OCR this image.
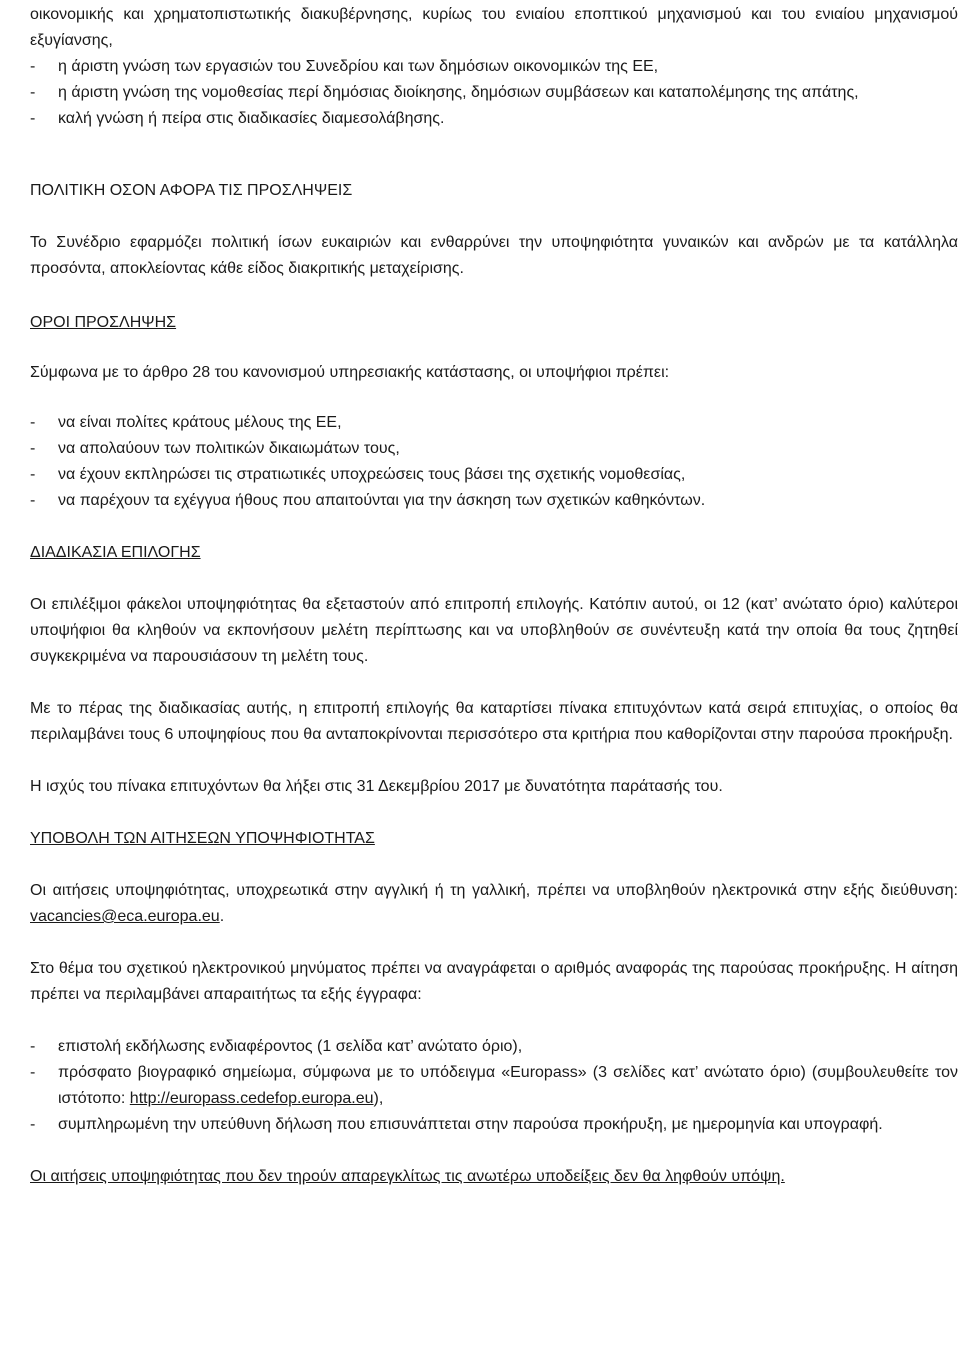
οικονομικής και χρηματοπιστωτικής διακυβέρνησης, κυρίως του ενιαίου εποπτικού μηχανισμού και του ενιαίου μηχανισμού εξυγίανσης,

- η άριστη γνώση των εργασιών του Συνεδρίου και των δημόσιων οικονομικών της ΕΕ,
- η άριστη γνώση της νομοθεσίας περί δημόσιας διοίκησης, δημόσιων συμβάσεων και καταπολέμησης της απάτης,
- καλή γνώση ή πείρα στις διαδικασίες διαμεσολάβησης.
ΠΟΛΙΤΙΚΗ ΟΣΟΝ ΑΦΟΡΑ ΤΙΣ ΠΡΟΣΛΗΨΕΙΣ

Το Συνέδριο εφαρμόζει πολιτική ίσων ευκαιριών και ενθαρρύνει την υποψηφιότητα γυναικών και ανδρών με τα κατάλληλα προσόντα, αποκλείοντας κάθε είδος διακριτικής μεταχείρισης.

ΟΡΟΙ ΠΡΟΣΛΗΨΗΣ

Σύμφωνα με το άρθρο 28 του κανονισμού υπηρεσιακής κατάστασης, οι υποψήφιοι πρέπει:

- να είναι πολίτες κράτους μέλους της ΕΕ,
- να απολαύουν των πολιτικών δικαιωμάτων τους,
- να έχουν εκπληρώσει τις στρατιωτικές υποχρεώσεις τους βάσει της σχετικής νομοθεσίας,
- να παρέχουν τα εχέγγυα ήθους που απαιτούνται για την άσκηση των σχετικών καθηκόντων.
ΔΙΑΔΙΚΑΣΙΑ ΕΠΙΛΟΓΗΣ

Οι επιλέξιμοι φάκελοι υποψηφιότητας θα εξεταστούν από επιτροπή επιλογής. Κατόπιν αυτού, οι 12 (κατ’ ανώτατο όριο) καλύτεροι υποψήφιοι θα κληθούν να εκπονήσουν μελέτη περίπτωσης και να υποβληθούν σε συνέντευξη κατά την οποία θα τους ζητηθεί συγκεκριμένα να παρουσιάσουν τη μελέτη τους.

Με το πέρας της διαδικασίας αυτής, η επιτροπή επιλογής θα καταρτίσει πίνακα επιτυχόντων κατά σειρά επιτυχίας, ο οποίος θα περιλαμβάνει τους 6 υποψηφίους που θα ανταποκρίνονται περισσότερο στα κριτήρια που καθορίζονται στην παρούσα προκήρυξη.

Η ισχύς του πίνακα επιτυχόντων θα λήξει στις 31 Δεκεμβρίου 2017 με δυνατότητα παράτασής του.

ΥΠΟΒΟΛΗ ΤΩΝ ΑΙΤΗΣΕΩΝ ΥΠΟΨΗΦΙΟΤΗΤΑΣ

Οι αιτήσεις υποψηφιότητας, υποχρεωτικά στην αγγλική ή τη γαλλική, πρέπει να υποβληθούν ηλεκτρονικά στην εξής διεύθυνση: vacancies@eca.europa.eu.

Στο θέμα του σχετικού ηλεκτρονικού μηνύματος πρέπει να αναγράφεται ο αριθμός αναφοράς της παρούσας προκήρυξης. Η αίτηση πρέπει να περιλαμβάνει απαραιτήτως τα εξής έγγραφα:

- επιστολή εκδήλωσης ενδιαφέροντος (1 σελίδα κατ’ ανώτατο όριο),
- πρόσφατο βιογραφικό σημείωμα, σύμφωνα με το υπόδειγμα «Europass» (3 σελίδες κατ’ ανώτατο όριο) (συμβουλευθείτε τον ιστότοπο: http://europass.cedefop.europa.eu),
- συμπληρωμένη την υπεύθυνη δήλωση που επισυνάπτεται στην παρούσα προκήρυξη, με ημερομηνία και υπογραφή.

Οι αιτήσεις υποψηφιότητας που δεν τηρούν απαρεγκλίτως τις ανωτέρω υποδείξεις δεν θα ληφθούν υπόψη.
